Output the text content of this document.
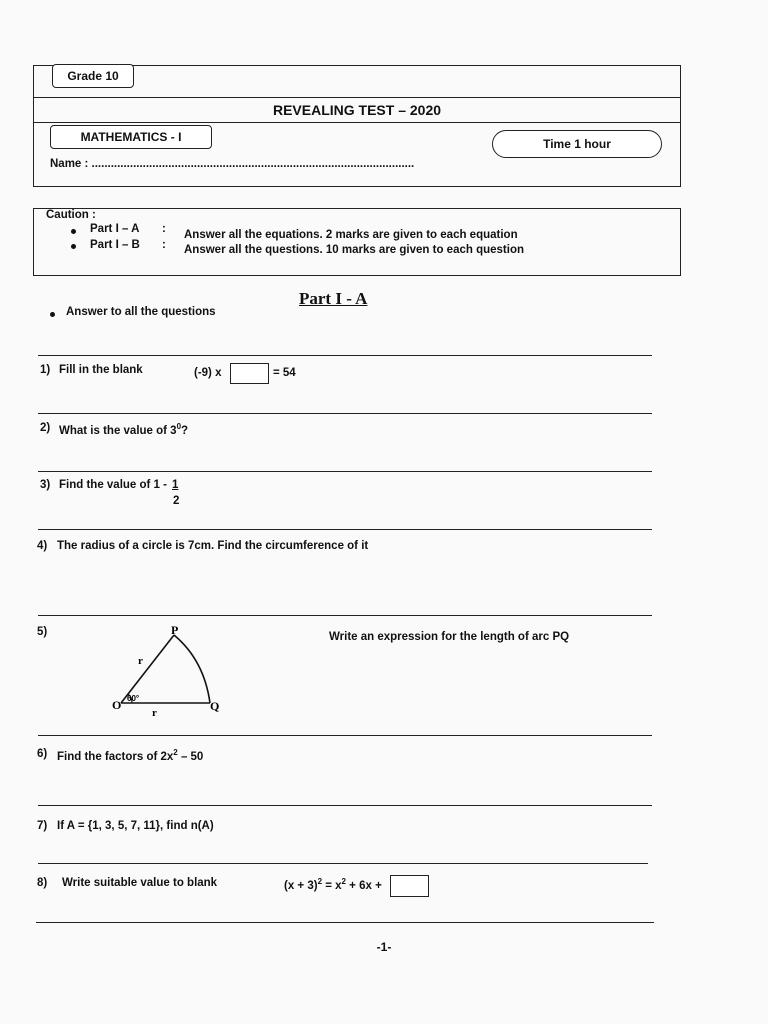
Grade 10
REVEALING TEST – 2020
MATHEMATICS - I	Time 1 hour
Name : .....................................................................................................
Caution :
Part I – A : Answer all the equations. 2 marks are given to each equation
Part I – B : Answer all the questions. 10 marks are given to each question
Part I - A
Answer to all the questions
1) Fill in the blank	(-9) x	= 54
2) What is the value of $3^0$?
3) Find the value of 1 - 1
2
4) The radius of a circle is 7cm. Find the circumference of it
5)	P
O	Q
r
r
60°
Write an expression for the length of arc PQ
6) Find the factors of $2x^2 - 50$
7) If A = {1, 3, 5, 7, 11}, find n(A)
8) Write suitable value to blank	$(x + 3)^2 = x^2 + 6x$ +
-1-
